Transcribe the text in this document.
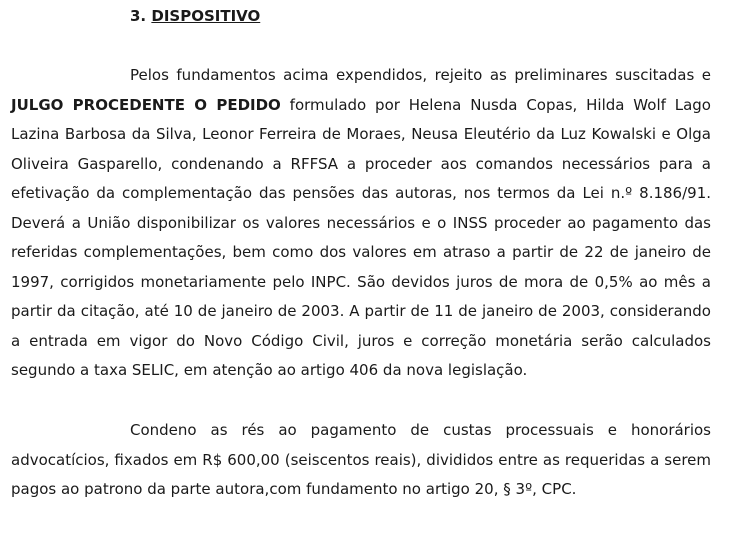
3. DISPOSITIVO

Pelos fundamentos acima expendidos, rejeito as preliminares suscitadas e JULGO PROCEDENTE O PEDIDO formulado por Helena Nusda Copas, Hilda Wolf Lago Lazina Barbosa da Silva, Leonor Ferreira de Moraes, Neusa Eleutério da Luz Kowalski e Olga Oliveira Gasparello, condenando a RFFSA a proceder aos comandos necessários para a efetivação da complementação das pensões das autoras, nos termos da Lei n.º 8.186/91. Deverá a União disponibilizar os valores necessários e o INSS proceder ao pagamento das referidas complementações, bem como dos valores em atraso a partir de 22 de janeiro de 1997, corrigidos monetariamente pelo INPC. São devidos juros de mora de 0,5% ao mês a partir da citação, até 10 de janeiro de 2003. A partir de 11 de janeiro de 2003, considerando a entrada em vigor do Novo Código Civil, juros e correção monetária serão calculados segundo a taxa SELIC, em atenção ao artigo 406 da nova legislação.

Condeno as rés ao pagamento de custas processuais e honorários advocatícios, fixados em R$ 600,00 (seiscentos reais), divididos entre as requeridas a serem pagos ao patrono da parte autora,com fundamento no artigo 20, § 3º, CPC.
